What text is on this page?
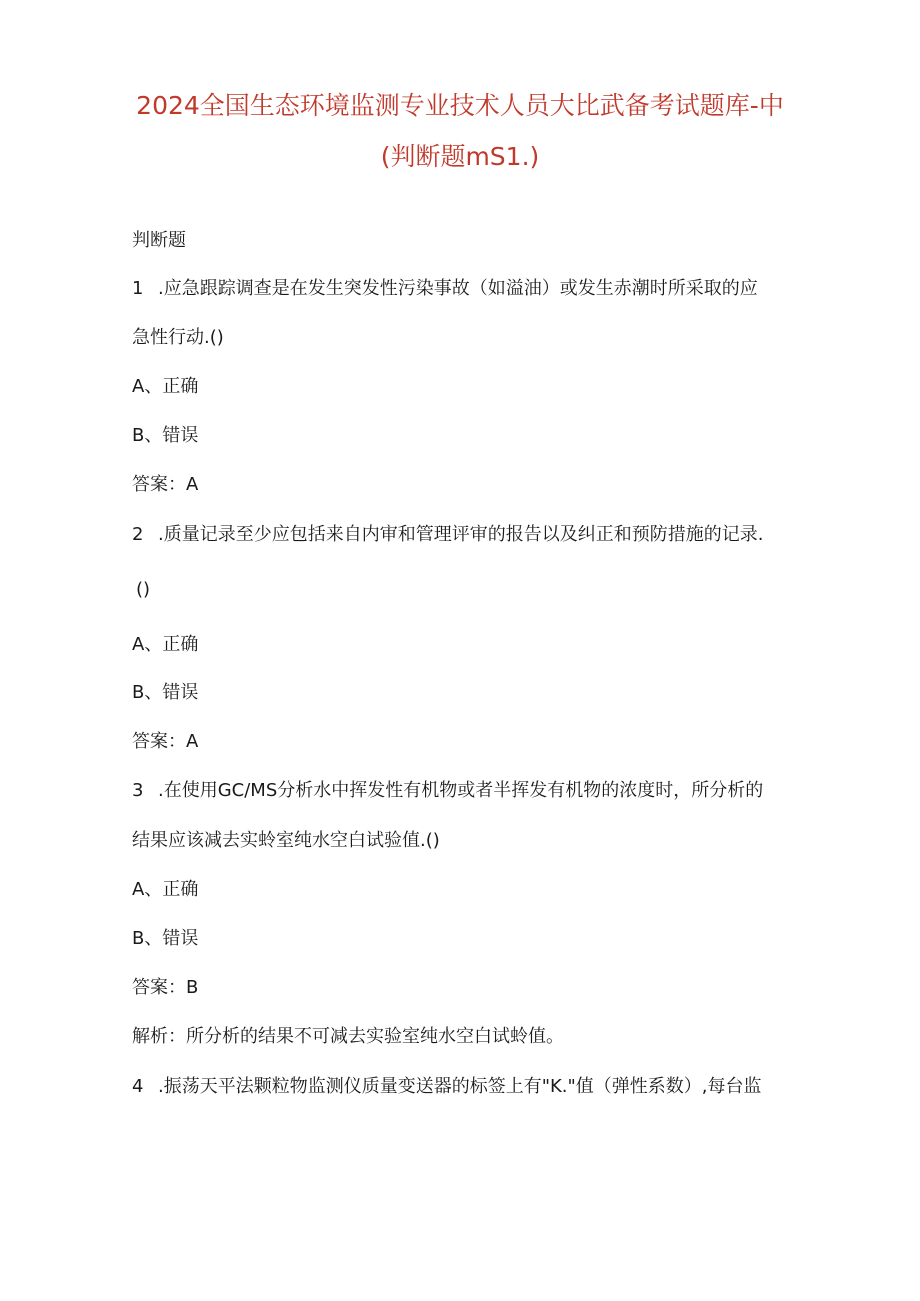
2024全国生态环境监测专业技术人员大比武备考试题库-中
(判断题mS1.)

判断题

1 .应急跟踪调查是在发生突发性污染事故（如溢油）或发生赤潮时所采取的应

急性行动.()

A、正确

B、错误

答案：A

2 .质量记录至少应包括来自内审和管理评审的报告以及纠正和预防措施的记录.

()

A、正确

B、错误

答案：A

3 .在使用GC/MS分析水中挥发性有机物或者半挥发有机物的浓度时，所分析的

结果应该减去实蛉室纯水空白试验值.()

A、正确

B、错误

答案：B

解析：所分析的结果不可减去实验室纯水空白试蛉值。

4 .振荡天平法颗粒物监测仪质量变送器的标签上有"K."值（弹性系数）,每台监
